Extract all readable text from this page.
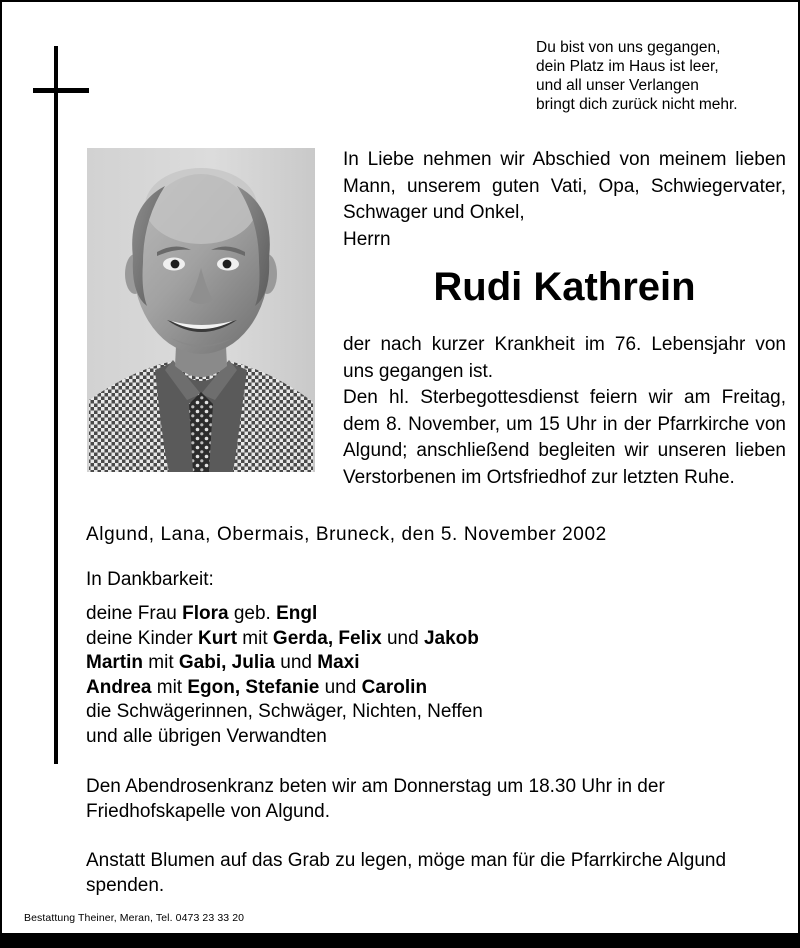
Du bist von uns gegangen,
dein Platz im Haus ist leer,
und all unser Verlangen
bringt dich zurück nicht mehr.
In Liebe nehmen wir Abschied von meinem lieben Mann, unserem guten Vati, Opa, Schwiegervater, Schwager und Onkel,
Herrn
Rudi Kathrein

der nach kurzer Krankheit im 76. Lebensjahr von uns gegangen ist.

Den hl. Sterbegottesdienst feiern wir am Freitag, dem 8. November, um 15 Uhr in der Pfarrkirche von Algund; anschließend begleiten wir unseren lieben Verstorbenen im Ortsfriedhof zur letzten Ruhe.

Algund, Lana, Obermais, Bruneck, den 5. November 2002
In Dankbarkeit:
deine Frau Flora geb. Engl
deine Kinder Kurt mit Gerda, Felix und Jakob
Martin mit Gabi, Julia und Maxi
Andrea mit Egon, Stefanie und Carolin
die Schwägerinnen, Schwäger, Nichten, Neffen
und alle übrigen Verwandten

Den Abendrosenkranz beten wir am Donnerstag um 18.30 Uhr in der Friedhofskapelle von Algund.

Anstatt Blumen auf das Grab zu legen, möge man für die Pfarrkirche Algund spenden.

Bestattung Theiner, Meran, Tel. 0473 23 33 20
